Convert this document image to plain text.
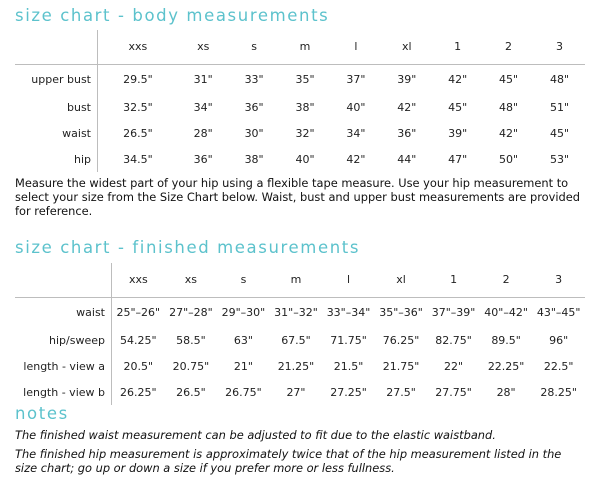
size chart - body measurements
	xxs	xs	s	m	l	xl	1	2	3
upper bust	29.5"	31"	33"	35"	37"	39"	42"	45"	48"
bust	32.5"	34"	36"	38"	40"	42"	45"	48"	51"
waist	26.5"	28"	30"	32"	34"	36"	39"	42"	45"
hip	34.5"	36"	38"	40"	42"	44"	47"	50"	53"

Measure the widest part of your hip using a flexible tape measure. Use your hip measurement to select your size from the Size Chart below. Waist, bust and upper bust measurements are provided for reference.

size chart - finished measurements
	xxs	xs	s	m	l	xl	1	2	3
waist	25"–26"	27"–28"	29"–30"	31"–32"	33"–34"	35"–36"	37"–39"	40"–42"	43"–45"
hip/sweep	54.25"	58.5"	63"	67.5"	71.75"	76.25"	82.75"	89.5"	96"
length - view a	20.5"	20.75"	21"	21.25"	21.5"	21.75"	22"	22.25"	22.5"
length - view b	26.25"	26.5"	26.75"	27"	27.25"	27.5"	27.75"	28"	28.25"
notes

The finished waist measurement can be adjusted to fit due to the elastic waistband.

The finished hip measurement is approximately twice that of the hip measurement listed in the size chart; go up or down a size if you prefer more or less fullness.
